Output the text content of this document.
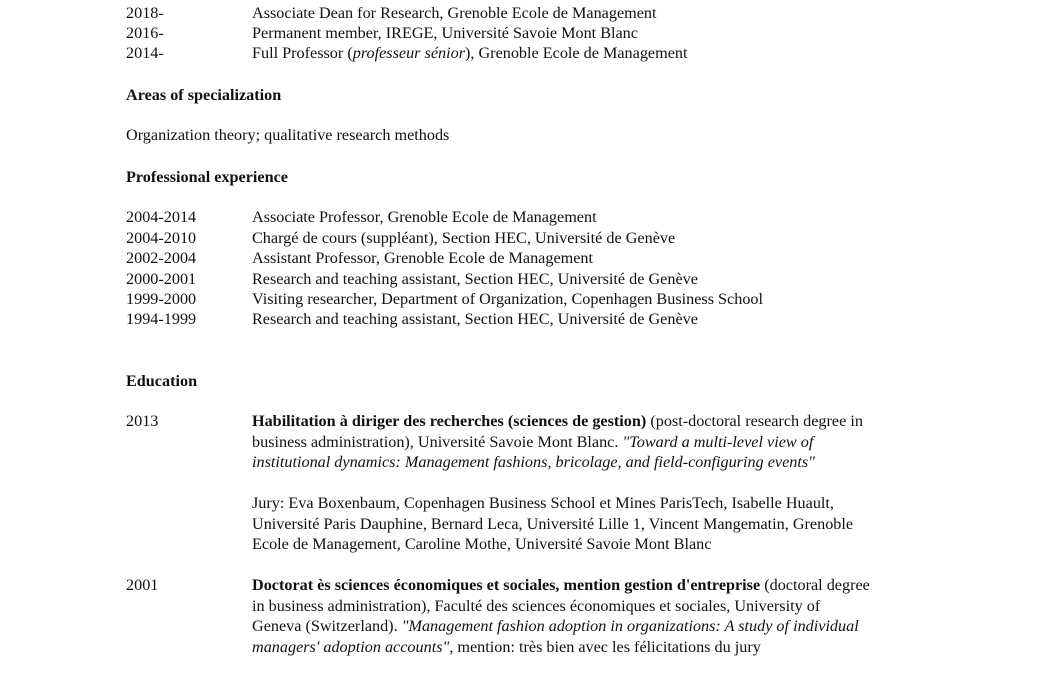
2018-	Associate Dean for Research, Grenoble Ecole de Management
2016-	Permanent member, IREGE, Université Savoie Mont Blanc
2014-	Full Professor (professeur sénior), Grenoble Ecole de Management
Areas of specialization
Organization theory; qualitative research methods
Professional experience
2004-2014	Associate Professor, Grenoble Ecole de Management
2004-2010	Chargé de cours (suppléant), Section HEC, Université de Genève
2002-2004	Assistant Professor, Grenoble Ecole de Management
2000-2001	Research and teaching assistant, Section HEC, Université de Genève
1999-2000	Visiting researcher, Department of Organization, Copenhagen Business School
1994-1999	Research and teaching assistant, Section HEC, Université de Genève
Education
2013	Habilitation à diriger des recherches (sciences de gestion) (post-doctoral research degree in
business administration), Université Savoie Mont Blanc. "Toward a multi-level view of
institutional dynamics: Management fashions, bricolage, and field-configuring events"
Jury: Eva Boxenbaum, Copenhagen Business School et Mines ParisTech, Isabelle Huault,
Université Paris Dauphine, Bernard Leca, Université Lille 1, Vincent Mangematin, Grenoble
Ecole de Management, Caroline Mothe, Université Savoie Mont Blanc
2001	Doctorat ès sciences économiques et sociales, mention gestion d'entreprise (doctoral degree
in business administration), Faculté des sciences économiques et sociales, University of
Geneva (Switzerland). "Management fashion adoption in organizations: A study of individual
managers' adoption accounts", mention: très bien avec les félicitations du jury
